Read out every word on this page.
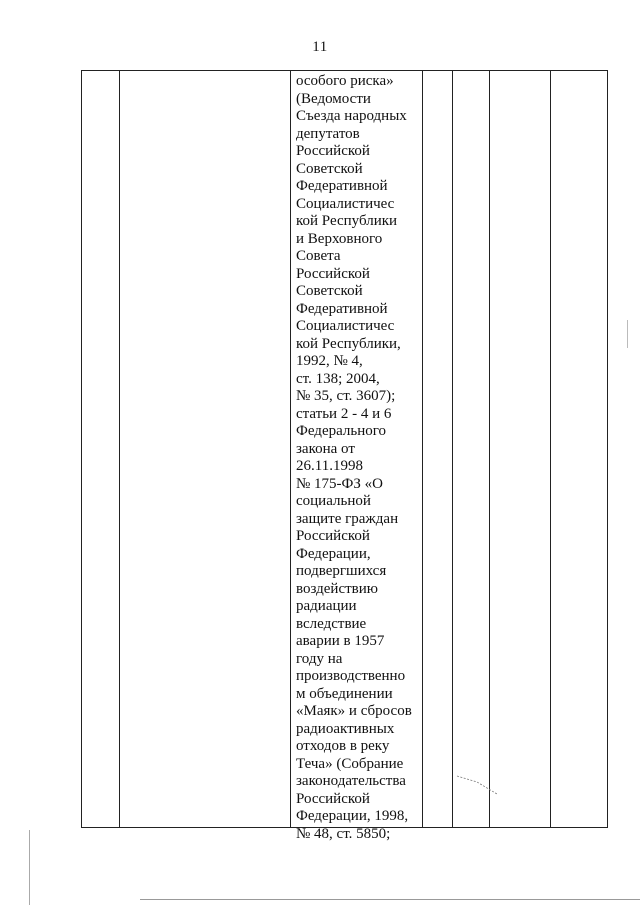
11
особого риска»
(Ведомости
Съезда народных
депутатов
Российской
Советской
Федеративной
Социалистичес
кой Республики
и Верховного
Совета
Российской
Советской
Федеративной
Социалистичес
кой Республики,
1992, № 4,
ст. 138; 2004,
№ 35, ст. 3607);
статьи 2 - 4 и 6
Федерального
закона от
26.11.1998
№ 175-ФЗ «О
социальной
защите граждан
Российской
Федерации,
подвергшихся
воздействию
радиации
вследствие
аварии в 1957
году на
производственно
м объединении
«Маяк» и сбросов
радиоактивных
отходов в реку
Теча» (Собрание
законодательства
Российской
Федерации, 1998,
№ 48, ст. 5850;
